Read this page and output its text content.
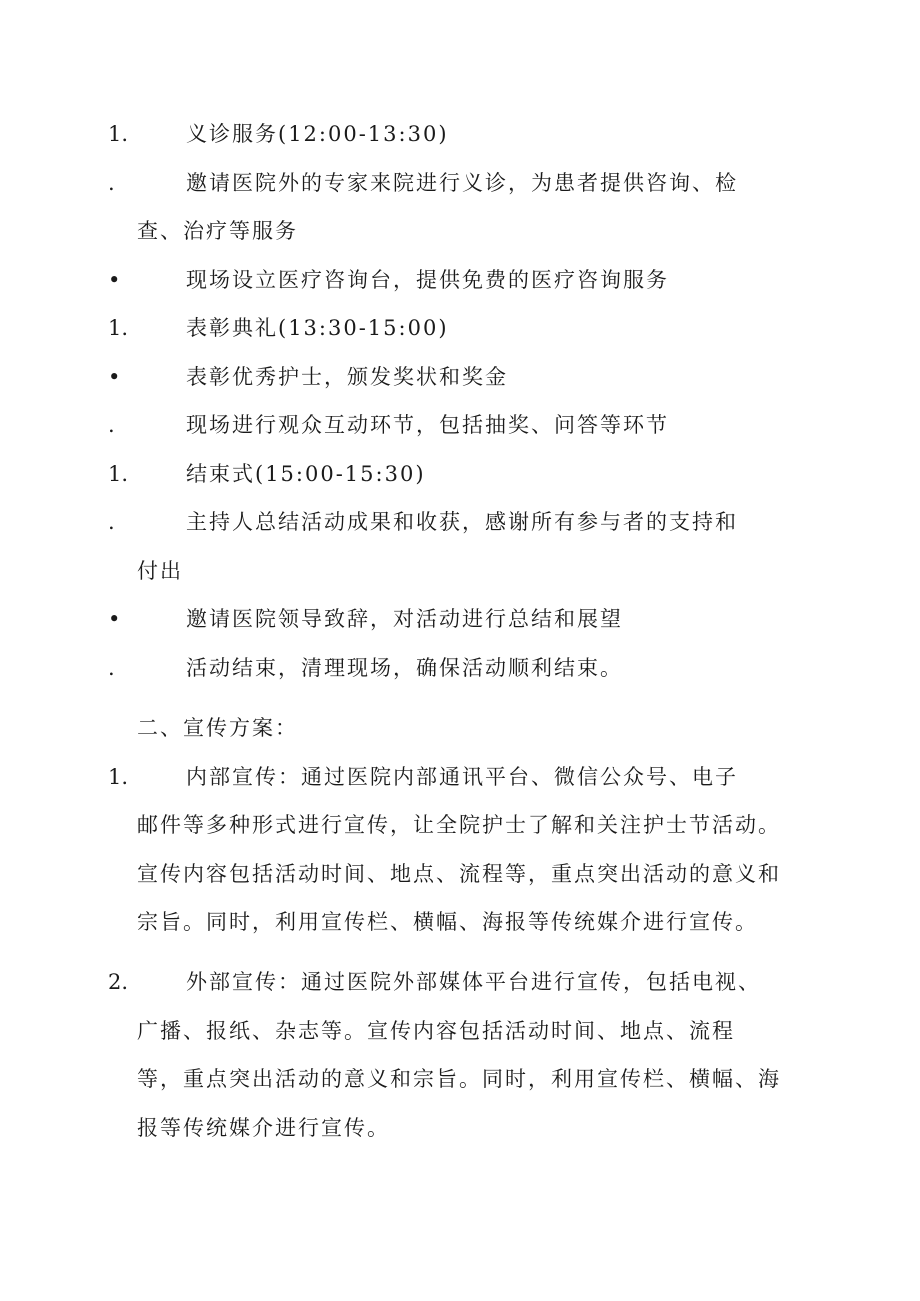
1.	义诊服务(12:00-13:30)
.	邀请医院外的专家来院进行义诊，为患者提供咨询、检
查、治疗等服务
•	现场设立医疗咨询台，提供免费的医疗咨询服务
1.	表彰典礼(13:30-15:00)
•	表彰优秀护士，颁发奖状和奖金
.	现场进行观众互动环节，包括抽奖、问答等环节
1.	结束式(15:00-15:30)
.	主持人总结活动成果和收获，感谢所有参与者的支持和
付出
•	邀请医院领导致辞，对活动进行总结和展望
.	活动结束，清理现场，确保活动顺利结束。
二、宣传方案：
1.	内部宣传：通过医院内部通讯平台、微信公众号、电子
邮件等多种形式进行宣传，让全院护士了解和关注护士节活动。
宣传内容包括活动时间、地点、流程等，重点突出活动的意义和
宗旨。同时，利用宣传栏、横幅、海报等传统媒介进行宣传。
2.	外部宣传：通过医院外部媒体平台进行宣传，包括电视、
广播、报纸、杂志等。宣传内容包括活动时间、地点、流程
等，重点突出活动的意义和宗旨。同时，利用宣传栏、横幅、海
报等传统媒介进行宣传。
